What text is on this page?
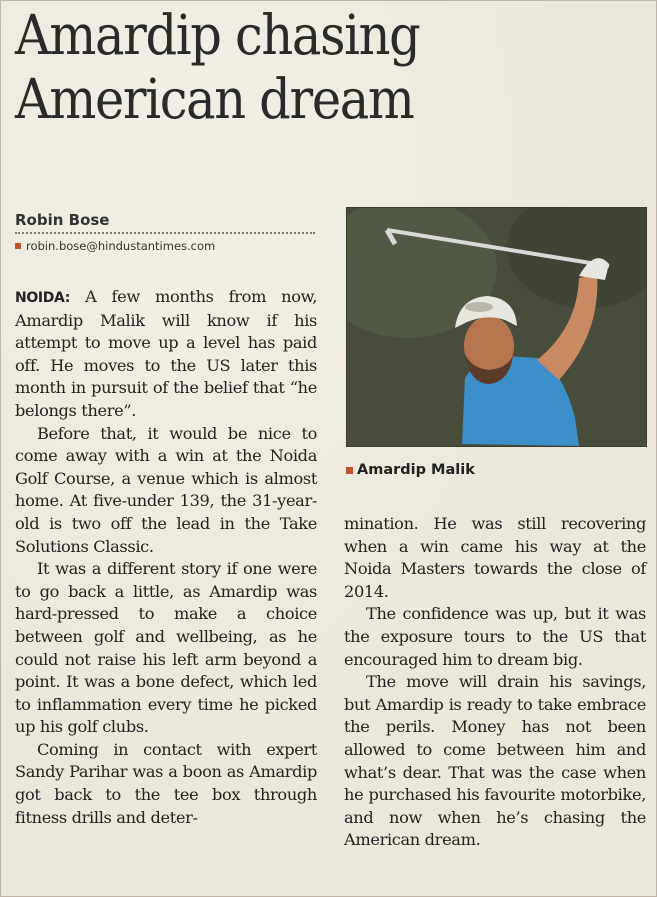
Amardip chasing
American dream
Robin Bose
robin.bose@hindustantimes.com
Amardip Malik

NOIDA: A few months from now, Amardip Malik will know if his attempt to move up a level has paid off. He moves to the US later this month in pursuit of the belief that “he belongs there”.

Before that, it would be nice to come away with a win at the Noida Golf Course, a venue which is almost home. At five-under 139, the 31-year-old is two off the lead in the Take Solutions Classic.

It was a different story if one were to go back a little, as Amardip was hard-pressed to make a choice between golf and wellbeing, as he could not raise his left arm beyond a point. It was a bone defect, which led to inflammation every time he picked up his golf clubs.

Coming in contact with expert Sandy Parihar was a boon as Amardip got back to the tee box through fitness drills and deter-

mination. He was still recovering when a win came his way at the Noida Masters towards the close of 2014.

The confidence was up, but it was the exposure tours to the US that encouraged him to dream big.

The move will drain his savings, but Amardip is ready to take embrace the perils. Money has not been allowed to come between him and what’s dear. That was the case when he purchased his favourite motorbike, and now when he’s chasing the American dream.
